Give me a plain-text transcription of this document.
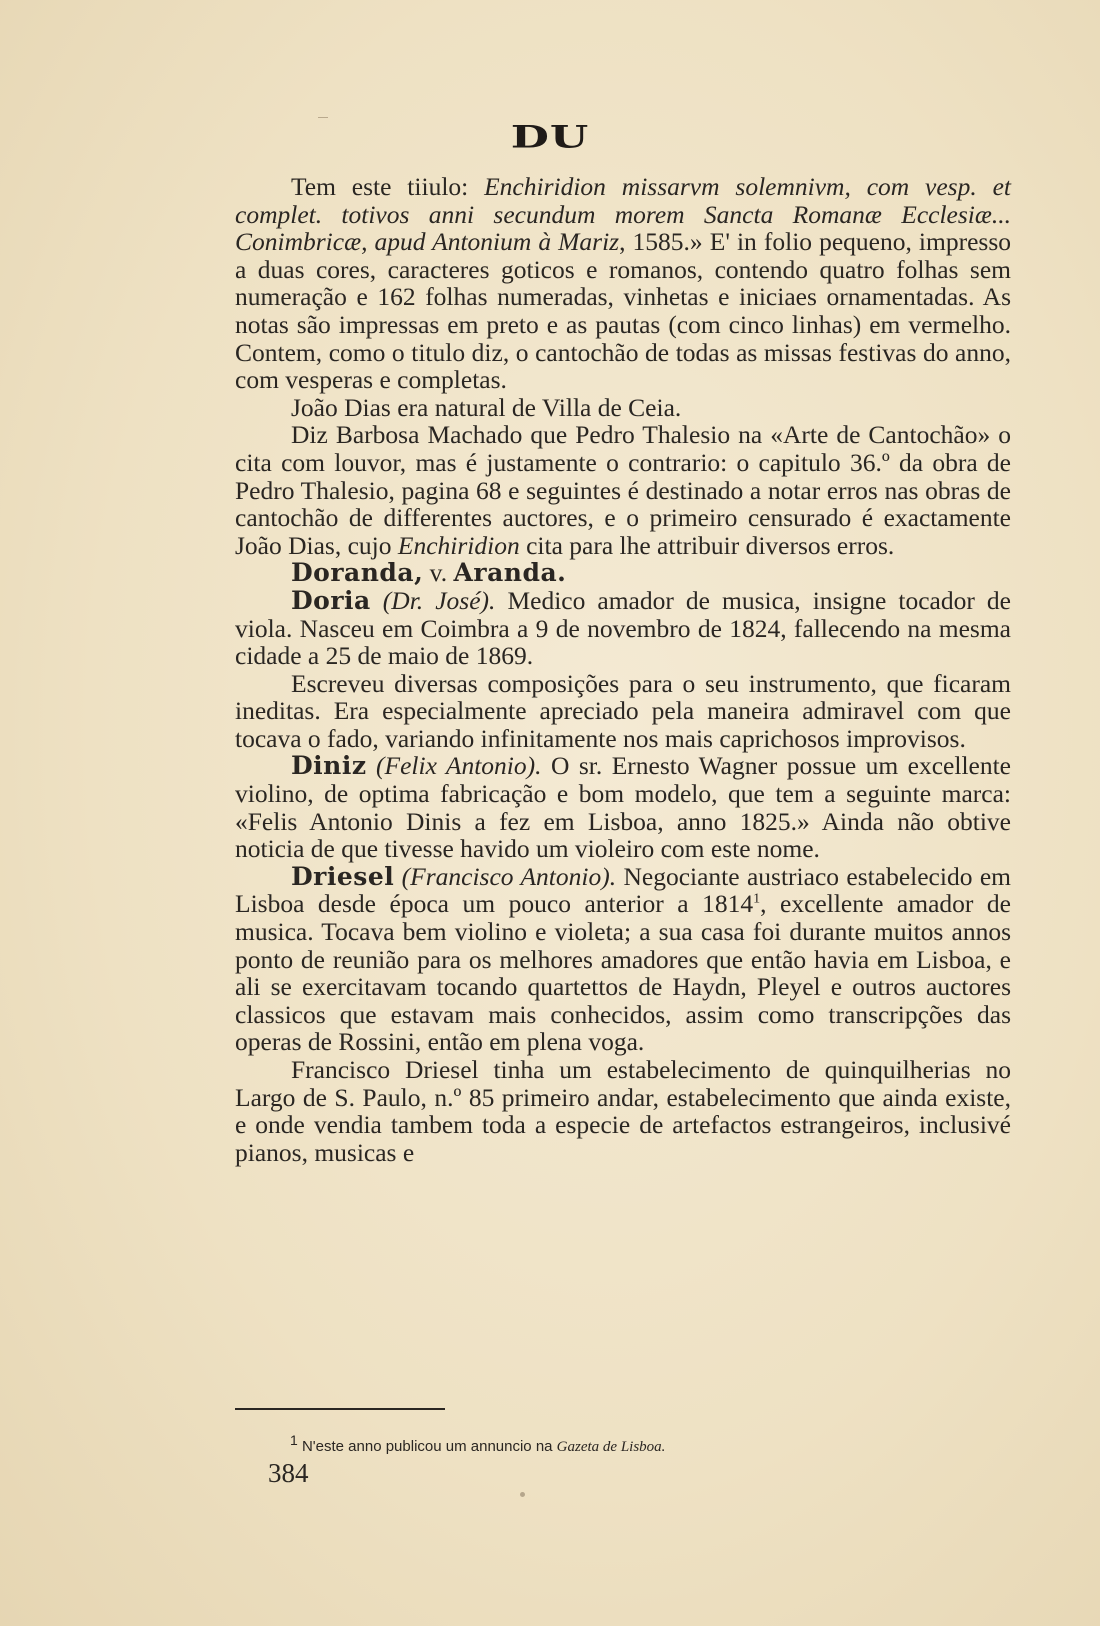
DU

Tem este tiiulo: Enchiridion missarvm solemnivm, com vesp. et complet. totivos anni secundum morem Sancta Romanæ Ecclesiæ... Conimbricæ, apud Antonium à Mariz, 1585.» E' in folio pequeno, impresso a duas cores, caracteres goticos e romanos, contendo quatro folhas sem numeração e 162 folhas numeradas, vinhetas e iniciaes ornamentadas. As notas são impressas em preto e as pautas (com cinco linhas) em vermelho. Contem, como o titulo diz, o cantochão de todas as missas festivas do anno, com vesperas e completas.

João Dias era natural de Villa de Ceia.

Diz Barbosa Machado que Pedro Thalesio na «Arte de Cantochão» o cita com louvor, mas é justamente o contrario: o capitulo 36.º da obra de Pedro Thalesio, pagina 68 e seguintes é destinado a notar erros nas obras de cantochão de differentes auctores, e o primeiro censurado é exactamente João Dias, cujo Enchiridion cita para lhe attribuir diversos erros.

Doranda, v. Aranda.

Doria (Dr. José). Medico amador de musica, insigne tocador de viola. Nasceu em Coimbra a 9 de novembro de 1824, fallecendo na mesma cidade a 25 de maio de 1869.

Escreveu diversas composições para o seu instrumento, que ficaram ineditas. Era especialmente apreciado pela maneira admiravel com que tocava o fado, variando infinitamente nos mais caprichosos improvisos.

Diniz (Felix Antonio). O sr. Ernesto Wagner possue um excellente violino, de optima fabricação e bom modelo, que tem a seguinte marca: «Felis Antonio Dinis a fez em Lisboa, anno 1825.» Ainda não obtive noticia de que tivesse havido um violeiro com este nome.

Driesel (Francisco Antonio). Negociante austriaco estabelecido em Lisboa desde época um pouco anterior a 1814$^1$, excellente amador de musica. Tocava bem violino e violeta; a sua casa foi durante muitos annos ponto de reunião para os melhores amadores que então havia em Lisboa, e ali se exercitavam tocando quartettos de Haydn, Pleyel e outros auctores classicos que estavam mais conhecidos, assim como transcripções das operas de Rossini, então em plena voga.

Francisco Driesel tinha um estabelecimento de quinquilherias no Largo de S. Paulo, n.º 85 primeiro andar, estabelecimento que ainda existe, e onde vendia tambem toda a especie de artefactos estrangeiros, inclusivé pianos, musicas e

$^1$ N'este anno publicou um annuncio na Gazeta de Lisboa.
384
